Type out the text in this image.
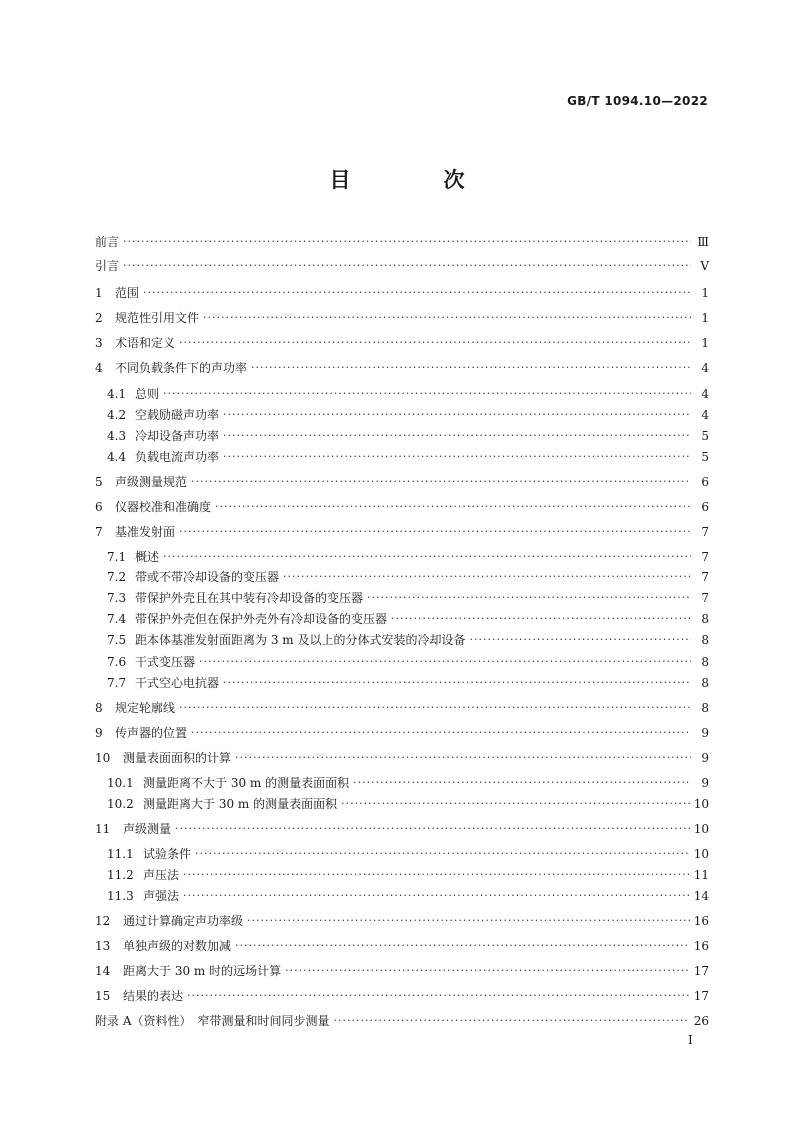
GB/T 1094.10—2022
目　次
前言 ·····	Ⅲ
引言 ·····	Ⅴ
1	范围 ·····	1
2	规范性引用文件 ·····	1
3	术语和定义 ·····	1
4	不同负载条件下的声功率 ·····	4
4.1 总则 ·····	4
4.2 空载励磁声功率 ·····	4
4.3 冷却设备声功率 ·····	5
4.4 负载电流声功率 ·····	5
5	声级测量规范 ·····	6
6	仪器校准和准确度 ·····	6
7	基准发射面 ·····	7
7.1 概述 ·····	7
7.2 带或不带冷却设备的变压器 ·····	7
7.3 带保护外壳且在其中装有冷却设备的变压器 ·····	7
7.4 带保护外壳但在保护外壳外有冷却设备的变压器 ·····	8
7.5 距本体基准发射面距离为 3 m 及以上的分体式安装的冷却设备 ·····	8
7.6 干式变压器 ·····	8
7.7 干式空心电抗器 ·····	8
8	规定轮廓线 ·····	8
9	传声器的位置 ·····	9
10	测量表面面积的计算 ·····	9
10.1 测量距离不大于 30 m 的测量表面面积 ·····	9
10.2 测量距离大于 30 m 的测量表面面积 ·····	10
11	声级测量 ·····	10
11.1 试验条件 ·····	10
11.2 声压法 ·····	11
11.3 声强法 ·····	14
12	通过计算确定声功率级 ·····	16
13	单独声级的对数加减 ·····	16
14	距离大于 30 m 时的远场计算 ·····	17
15	结果的表达 ·····	17
附录 A（资料性）　窄带测量和时间同步测量 ·····	26
I
